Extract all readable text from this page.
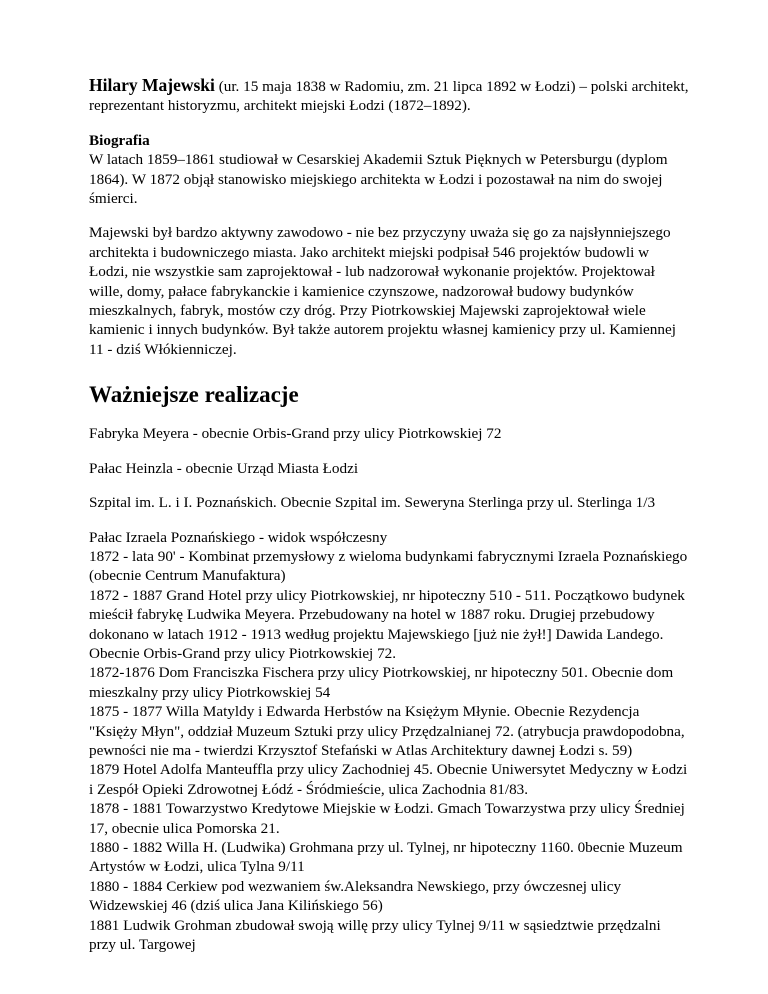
Hilary Majewski (ur. 15 maja 1838 w Radomiu, zm. 21 lipca 1892 w Łodzi) – polski architekt, reprezentant historyzmu, architekt miejski Łodzi (1872–1892).

Biografia
W latach 1859–1861 studiował w Cesarskiej Akademii Sztuk Pięknych w Petersburgu (dyplom 1864). W 1872 objął stanowisko miejskiego architekta w Łodzi i pozostawał na nim do swojej śmierci.

Majewski był bardzo aktywny zawodowo - nie bez przyczyny uważa się go za najsłynniejszego architekta i budowniczego miasta. Jako architekt miejski podpisał 546 projektów budowli w Łodzi, nie wszystkie sam zaprojektował - lub nadzorował wykonanie projektów. Projektował wille, domy, pałace fabrykanckie i kamienice czynszowe, nadzorował budowy budynków mieszkalnych, fabryk, mostów czy dróg. Przy Piotrkowskiej Majewski zaprojektował wiele kamienic i innych budynków. Był także autorem projektu własnej kamienicy przy ul. Kamiennej 11 - dziś Włókienniczej.

Ważniejsze realizacje

Fabryka Meyera - obecnie Orbis-Grand przy ulicy Piotrkowskiej 72

Pałac Heinzla - obecnie Urząd Miasta Łodzi

Szpital im. L. i I. Poznańskich. Obecnie Szpital im. Seweryna Sterlinga przy ul. Sterlinga 1/3

Pałac Izraela Poznańskiego - widok współczesny
1872 - lata 90' - Kombinat przemysłowy z wieloma budynkami fabrycznymi Izraela Poznańskiego (obecnie Centrum Manufaktura)
1872 - 1887 Grand Hotel przy ulicy Piotrkowskiej, nr hipoteczny 510 - 511. Początkowo budynek mieścił fabrykę Ludwika Meyera. Przebudowany na hotel w 1887 roku. Drugiej przebudowy dokonano w latach 1912 - 1913 według projektu Majewskiego [już nie żył!] Dawida Landego. Obecnie Orbis-Grand przy ulicy Piotrkowskiej 72.
1872-1876 Dom Franciszka Fischera przy ulicy Piotrkowskiej, nr hipoteczny 501. Obecnie dom mieszkalny przy ulicy Piotrkowskiej 54
1875 - 1877 Willa Matyldy i Edwarda Herbstów na Księżym Młynie. Obecnie Rezydencja "Księży Młyn", oddział Muzeum Sztuki przy ulicy Przędzalnianej 72. (atrybucja prawdopodobna, pewności nie ma - twierdzi Krzysztof Stefański w Atlas Architektury dawnej Łodzi s. 59)
1879 Hotel Adolfa Manteuffla przy ulicy Zachodniej 45. Obecnie Uniwersytet Medyczny w Łodzi i Zespół Opieki Zdrowotnej Łódź - Śródmieście, ulica Zachodnia 81/83.
1878 - 1881 Towarzystwo Kredytowe Miejskie w Łodzi. Gmach Towarzystwa przy ulicy Średniej 17, obecnie ulica Pomorska 21.
1880 - 1882 Willa H. (Ludwika) Grohmana przy ul. Tylnej, nr hipoteczny 1160. 0becnie Muzeum Artystów w Łodzi, ulica Tylna 9/11
1880 - 1884 Cerkiew pod wezwaniem św.Aleksandra Newskiego, przy ówczesnej ulicy Widzewskiej 46 (dziś ulica Jana Kilińskiego 56)
1881 Ludwik Grohman zbudował swoją willę przy ulicy Tylnej 9/11 w sąsiedztwie przędzalni przy ul. Targowej
